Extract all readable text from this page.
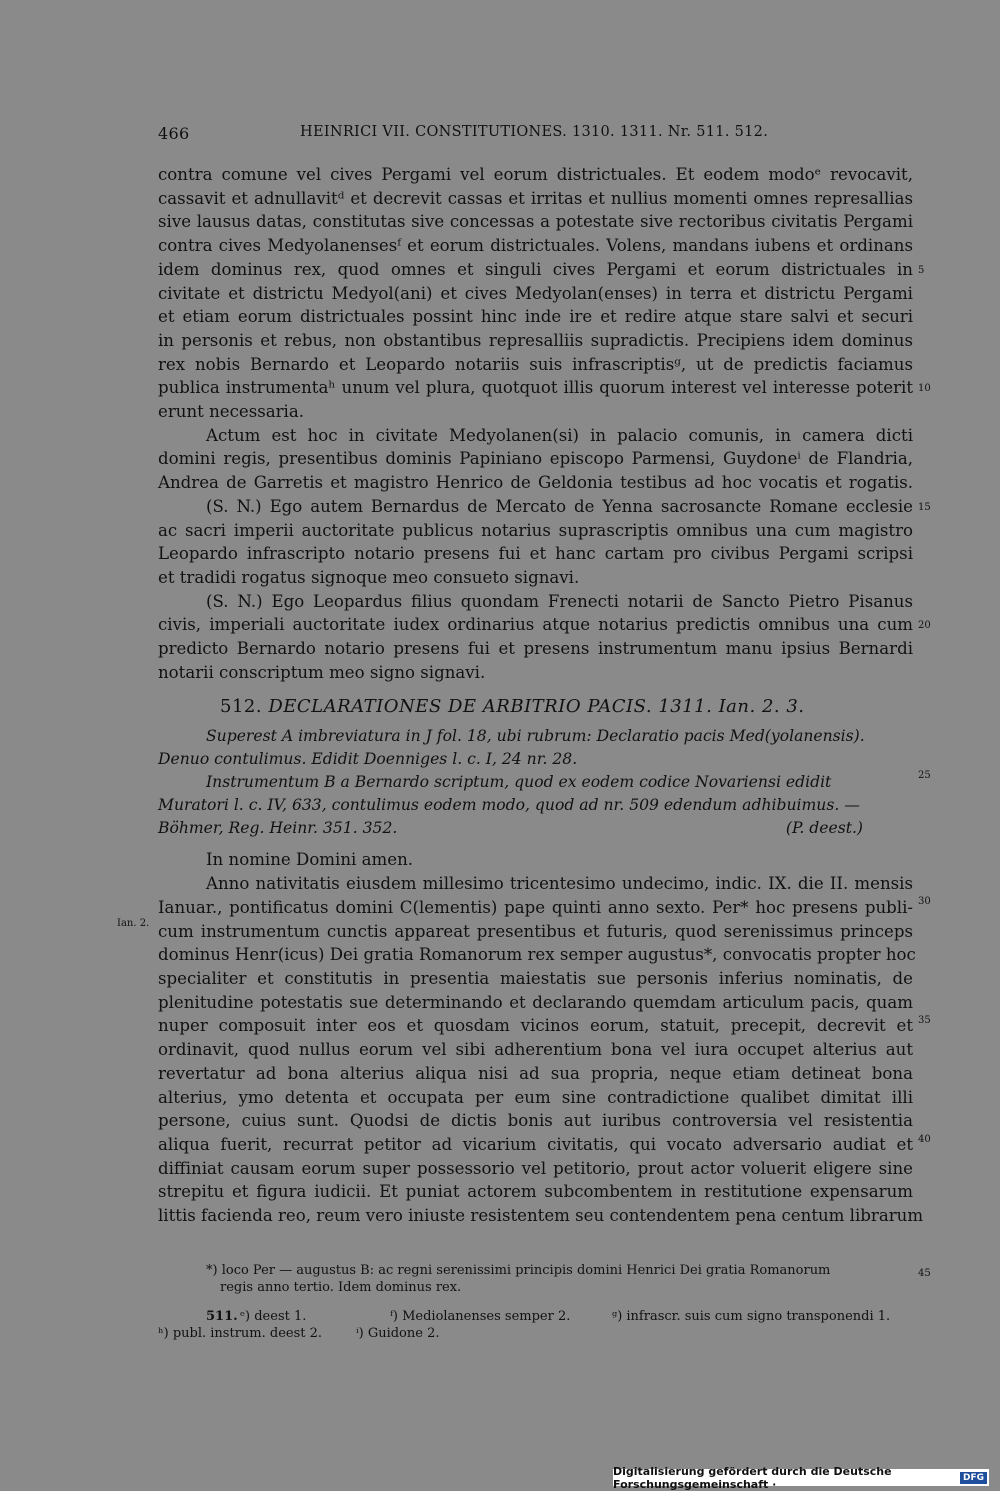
466	HEINRICI VII. CONSTITUTIONES. 1310. 1311. Nr. 511. 512.
contra comune vel cives Pergami vel eorum districtuales. Et eodem modoᵉ revocavit,
cassavit et adnullavitᵈ et decrevit cassas et irritas et nullius momenti omnes represallias
sive lausus datas, constitutas sive concessas a potestate sive rectoribus civitatis Pergami
contra cives Medyolanensesᶠ et eorum districtuales. Volens, mandans iubens et ordinans
idem dominus rex, quod omnes et singuli cives Pergami et eorum districtuales in
civitate et districtu Medyol(ani) et cives Medyolan(enses) in terra et districtu Pergami
et etiam eorum districtuales possint hinc inde ire et redire atque stare salvi et securi
in personis et rebus, non obstantibus represalliis supradictis. Precipiens idem dominus
rex nobis Bernardo et Leopardo notariis suis infrascriptisᵍ, ut de predictis faciamus
publica instrumentaʰ unum vel plura, quotquot illis quorum interest vel interesse poterit
erunt necessaria.
Actum est hoc in civitate Medyolanen(si) in palacio comunis, in camera dicti
domini regis, presentibus dominis Papiniano episcopo Parmensi, Guydoneⁱ de Flandria,
Andrea de Garretis et magistro Henrico de Geldonia testibus ad hoc vocatis et rogatis.
(S. N.) Ego autem Bernardus de Mercato de Yenna sacrosancte Romane ecclesie
ac sacri imperii auctoritate publicus notarius suprascriptis omnibus una cum magistro
Leopardo infrascripto notario presens fui et hanc cartam pro civibus Pergami scripsi
et tradidi rogatus signoque meo consueto signavi.
(S. N.) Ego Leopardus filius quondam Frenecti notarii de Sancto Pietro Pisanus
civis, imperiali auctoritate iudex ordinarius atque notarius predictis omnibus una cum
predicto Bernardo notario presens fui et presens instrumentum manu ipsius Bernardi
notarii conscriptum meo signo signavi.
512. DECLARATIONES DE ARBITRIO PACIS. 1311. Ian. 2. 3.
Superest A imbreviatura in J fol. 18, ubi rubrum: Declaratio pacis Med(yolanensis).
Denuo contulimus. Edidit Doenniges l. c. I, 24 nr. 28.
Instrumentum B a Bernardo scriptum, quod ex eodem codice Novariensi edidit
Muratori l. c. IV, 633, contulimus eodem modo, quod ad nr. 509 edendum adhibuimus. —
Böhmer, Reg. Heinr. 351. 352.	(P. deest.)
In nomine Domini amen.
Anno nativitatis eiusdem millesimo tricentesimo undecimo, indic. IX. die II. mensis
Ianuar., pontificatus domini C(lementis) pape quinti anno sexto. Per* hoc presens publi-
cum instrumentum cunctis appareat presentibus et futuris, quod serenissimus princeps
dominus Henr(icus) Dei gratia Romanorum rex semper augustus*, convocatis propter hoc
specialiter et constitutis in presentia maiestatis sue personis inferius nominatis, de
plenitudine potestatis sue determinando et declarando quemdam articulum pacis, quam
nuper composuit inter eos et quosdam vicinos eorum, statuit, precepit, decrevit et
ordinavit, quod nullus eorum vel sibi adherentium bona vel iura occupet alterius aut
revertatur ad bona alterius aliqua nisi ad sua propria, neque etiam detineat bona
alterius, ymo detenta et occupata per eum sine contradictione qualibet dimitat illi
persone, cuius sunt. Quodsi de dictis bonis aut iuribus controversia vel resistentia
aliqua fuerit, recurrat petitor ad vicarium civitatis, qui vocato adversario audiat et
diffiniat causam eorum super possessorio vel petitorio, prout actor voluerit eligere sine
strepitu et figura iudicii. Et puniat actorem subcombentem in restitutione expensarum
littis facienda reo, reum vero iniuste resistentem seu contendentem pena centum librarum
5
10
15
20
25
30
35
40
45
Ian. 2.
*) loco Per — augustus B: ac regni serenissimi principis domini Henrici Dei gratia Romanorum
regis anno tertio. Idem dominus rex.
511. ᵉ) deest 1.	ᶠ) Mediolanenses semper 2.	ᵍ) infrascr. suis cum signo transponendi 1.
ʰ) publ. instrum. deest 2.	ⁱ) Guidone 2.
Digitalisierung gefördert durch die Deutsche Forschungsgemeinschaft ·	DFG
